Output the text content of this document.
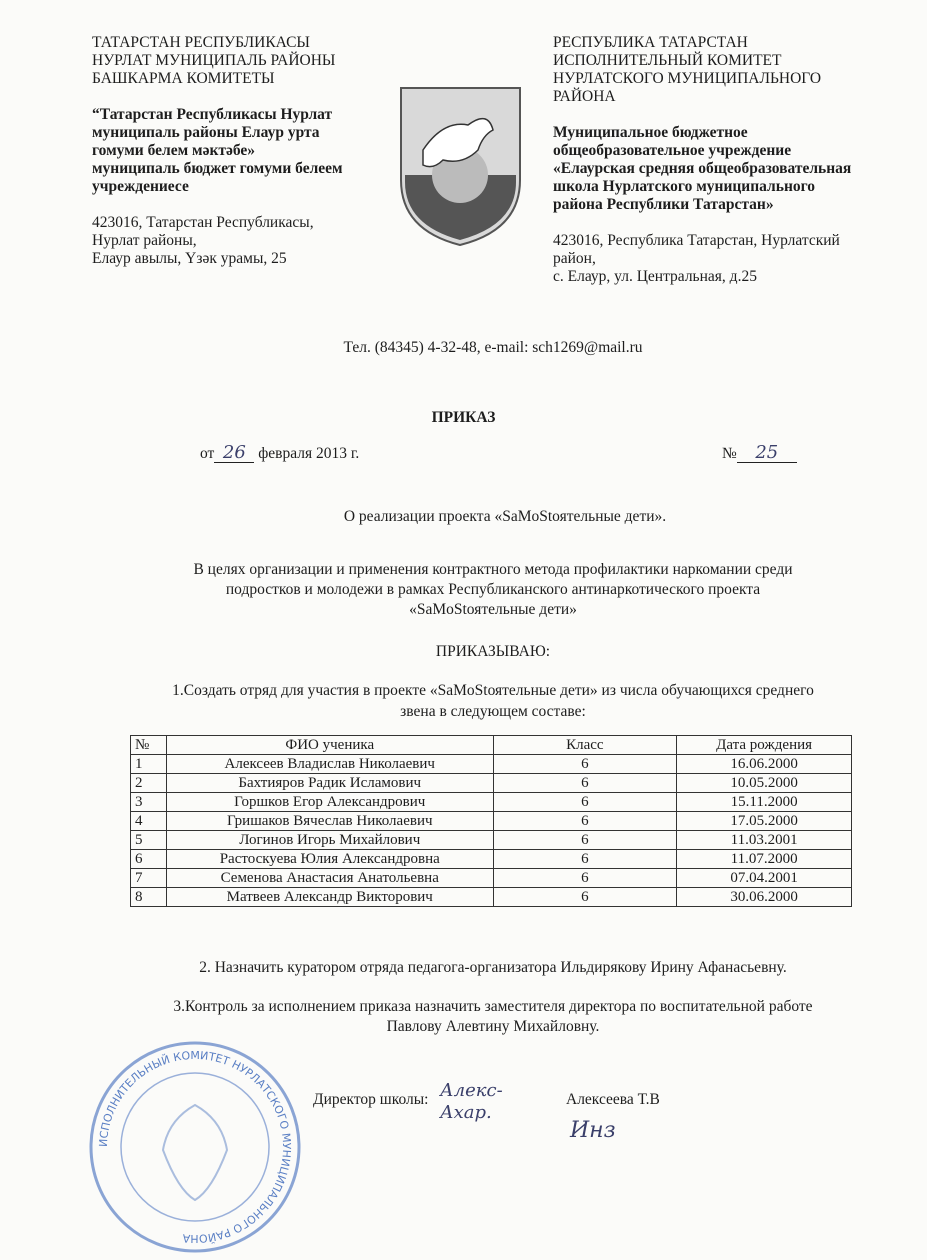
ТАТАРСТАН РЕСПУБЛИКАСЫ

НУРЛАТ МУНИЦИПАЛЬ РАЙОНЫ

БАШКАРМА КОМИТЕТЫ

“Татарстан Республикасы Нурлат

муниципаль районы Елаур урта

гомуми белем мәктәбе»

муниципаль бюджет гомуми белеем

учреждениесе

423016, Татарстан Республикасы,

Нурлат районы,

Елаур авылы, Үзәк урамы, 25

РЕСПУБЛИКА ТАТАРСТАН

ИСПОЛНИТЕЛЬНЫЙ КОМИТЕТ

НУРЛАТСКОГО МУНИЦИПАЛЬНОГО

РАЙОНА

Муниципальное бюджетное

общеобразовательное учреждение

«Елаурская средняя общеобразовательная

школа Нурлатского муниципального

района Республики Татарстан»

423016, Республика Татарстан, Нурлатский

район,

с. Елаур, ул. Центральная, д.25

Тел. (84345) 4-32-48, e-mail: sch1269@mail.ru
ПРИКАЗ
от 26 февраля 2013 г.	№ 25
О реализации проекта «SaMoStоятельные дети».
В целях организации и применения контрактного метода профилактики наркомании среди
подростков и молодежи в рамках Республиканского антинаркотического проекта
«SaMoStоятельные дети»
ПРИКАЗЫВАЮ:
1.Создать отряд для участия в проекте «SaMoStоятельные дети» из числа обучающихся среднего
звена в следующем составе:
№	ФИО ученика	Класс	Дата рождения
1	Алексеев Владислав Николаевич	6	16.06.2000
2	Бахтияров Радик Исламович	6	10.05.2000
3	Горшков Егор Александрович	6	15.11.2000
4	Гришаков Вячеслав Николаевич	6	17.05.2000
5	Логинов Игорь Михайлович	6	11.03.2001
6	Растоскуева Юлия Александровна	6	11.07.2000
7	Семенова Анастасия Анатольевна	6	07.04.2001
8	Матвеев Александр Викторович	6	30.06.2000
2. Назначить куратором отряда педагога-организатора Ильдирякову Ирину Афанасьевну.
3.Контроль за исполнением приказа назначить заместителя директора по воспитательной работе
Павлову Алевтину Михайловну.
ИСПОЛНИТЕЛЬНЫЙ КОМИТЕТ НУРЛАТСКОГО МУНИЦИПАЛЬНОГО РАЙОНА
Директор школы: Алекс- Ахар.
Алексеева Т.В
Инз
